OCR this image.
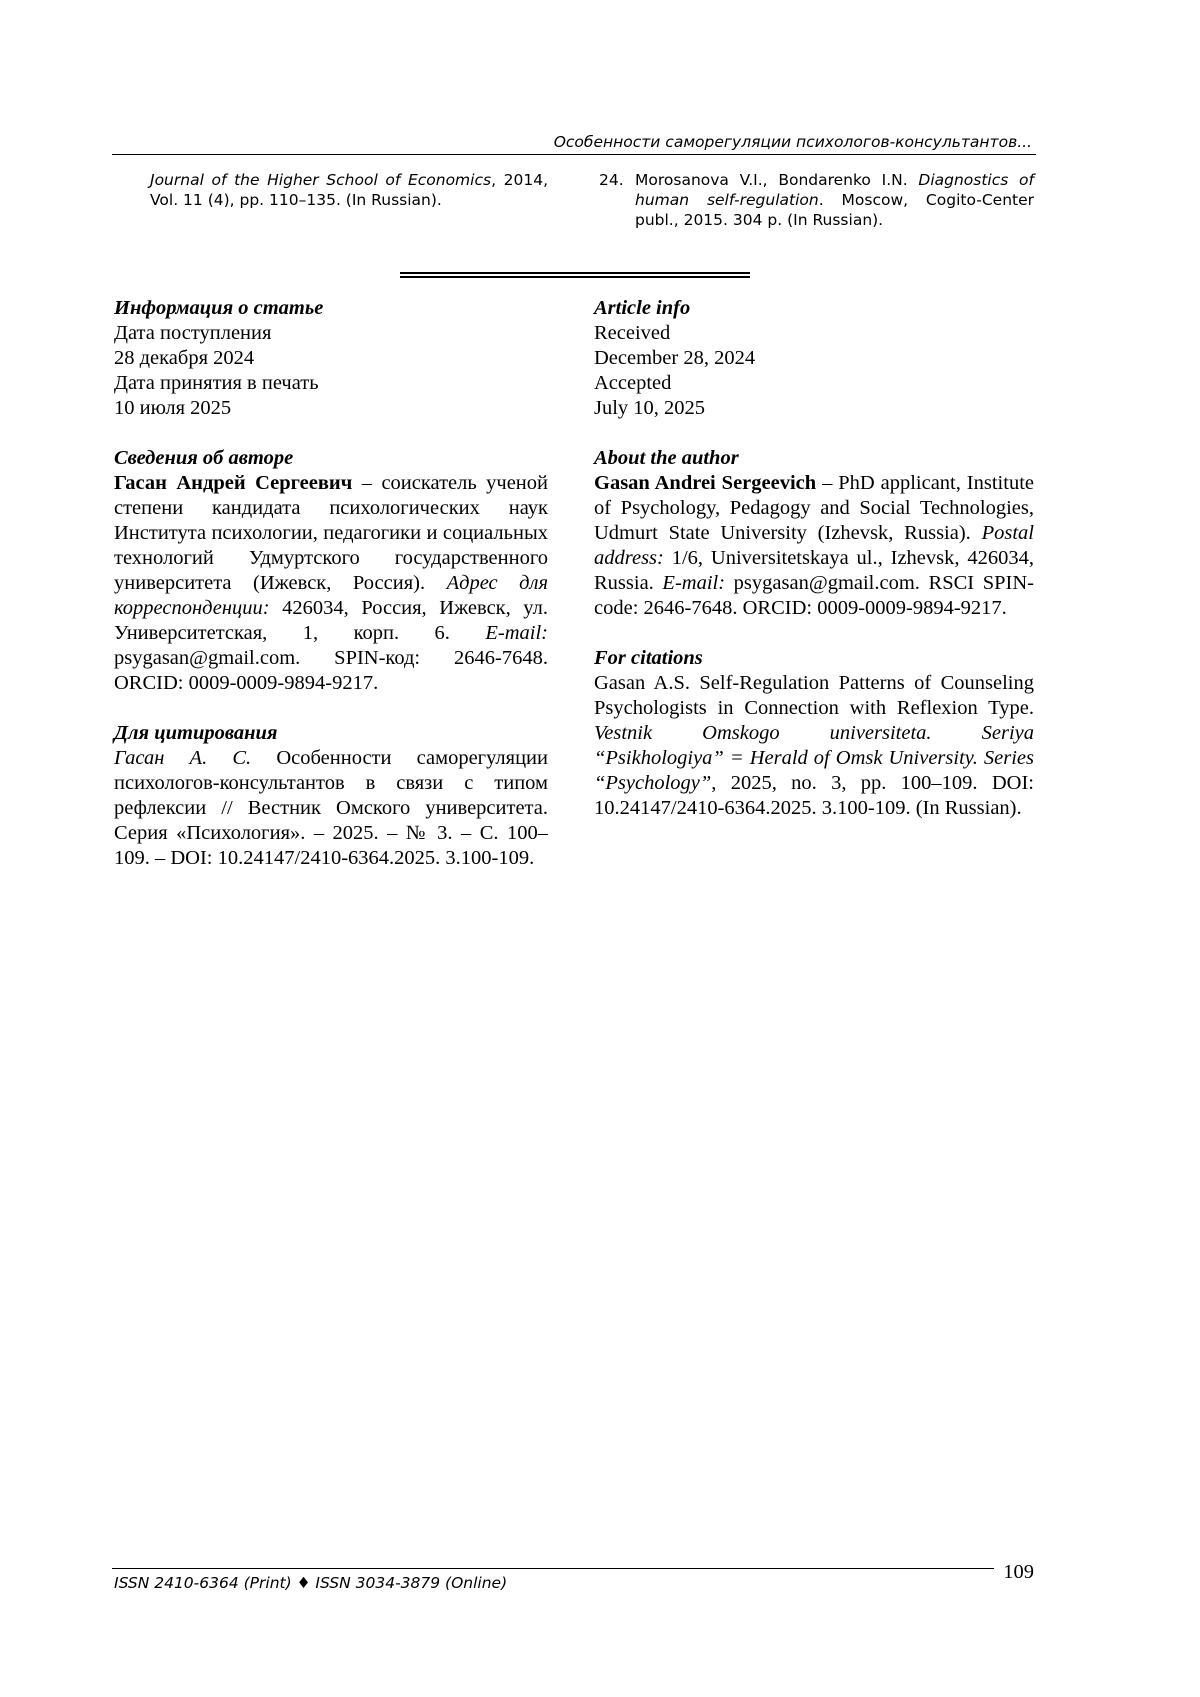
Особенности саморегуляции психологов-консультантов...
Journal of the Higher School of Economics, 2014, Vol. 11 (4), pp. 110–135. (In Russian).
24. Morosanova V.I., Bondarenko I.N. Diagnostics of human self-regulation. Moscow, Cogito-Center publ., 2015. 304 p. (In Russian).
Информация о статье
Дата поступления
28 декабря 2024
Дата принятия в печать
10 июля 2025
Сведения об авторе
Гасан Андрей Сергеевич – соискатель ученой степени кандидата психологических наук Института психологии, педагогики и социальных технологий Удмуртского государственного университета (Ижевск, Россия). Адрес для корреспонденции: 426034, Россия, Ижевск, ул. Университетская, 1, корп. 6. E-mail: psygasan@gmail.com. SPIN-код: 2646-7648. ORCID: 0009-0009-9894-9217.
Для цитирования
Гасан А. С. Особенности саморегуляции психологов-консультантов в связи с типом рефлексии // Вестник Омского университета. Серия «Психология». – 2025. – № 3. – С. 100–109. – DOI: 10.24147/2410-6364.2025. 3.100-109.
Article info
Received
December 28, 2024
Accepted
July 10, 2025
About the author
Gasan Andrei Sergeevich – PhD applicant, Institute of Psychology, Pedagogy and Social Technologies, Udmurt State University (Izhevsk, Russia). Postal address: 1/6, Universitetskaya ul., Izhevsk, 426034, Russia. E-mail: psygasan@gmail.com. RSCI SPIN-code: 2646-7648. ORCID: 0009-0009-9894-9217.
For citations
Gasan A.S. Self-Regulation Patterns of Counseling Psychologists in Connection with Reflexion Type. Vestnik Omskogo universiteta. Seriya “Psikhologiya” = Herald of Omsk University. Series “Psychology”, 2025, no. 3, pp. 100–109. DOI: 10.24147/2410-6364.2025. 3.100-109. (In Russian).
ISSN 2410-6364 (Print) ♦ ISSN 3034-3879 (Online)	109
